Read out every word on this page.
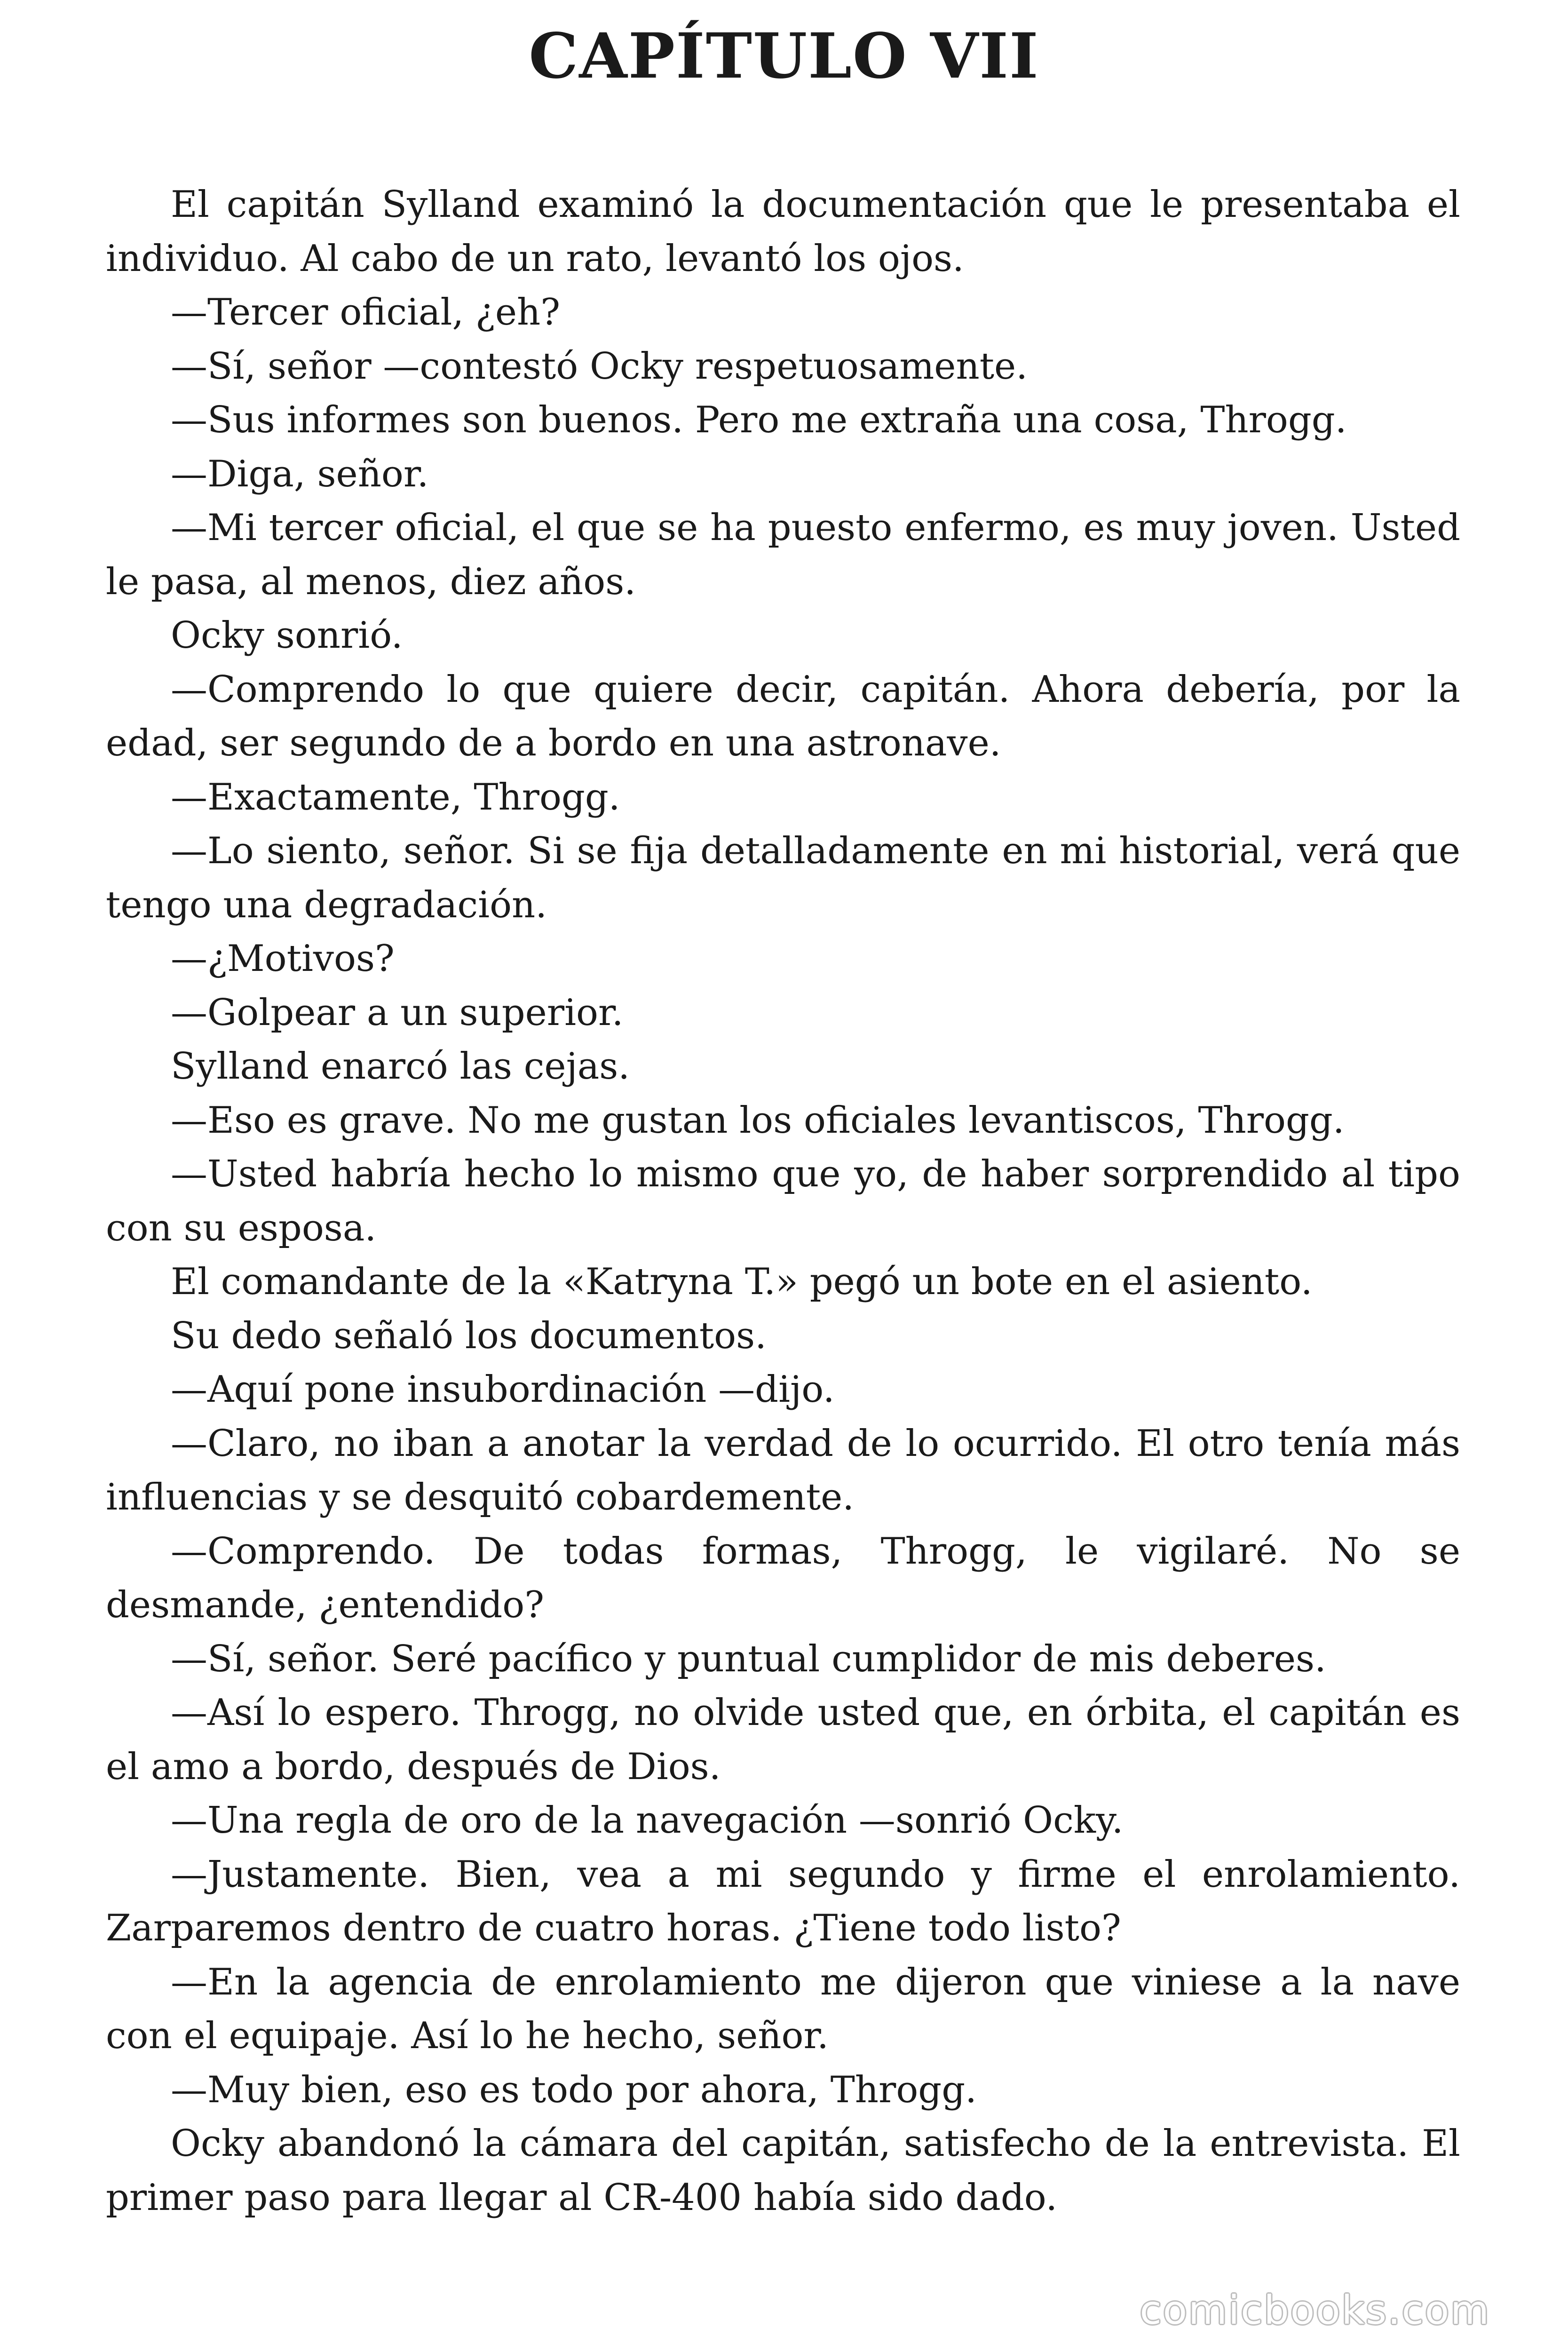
CAPÍTULO VII

El capitán Sylland examinó la documentación que le presentaba el individuo. Al cabo de un rato, levantó los ojos.

—Tercer oficial, ¿eh?

—Sí, señor —contestó Ocky respetuosamente.

—Sus informes son buenos. Pero me extraña una cosa, Throgg.

—Diga, señor.

—Mi tercer oficial, el que se ha puesto enfermo, es muy joven. Usted le pasa, al menos, diez años.

Ocky sonrió.

—Comprendo lo que quiere decir, capitán. Ahora debería, por la edad, ser segundo de a bordo en una astronave.

—Exactamente, Throgg.

—Lo siento, señor. Si se fija detalladamente en mi historial, verá que tengo una degradación.

—¿Motivos?

—Golpear a un superior.

Sylland enarcó las cejas.

—Eso es grave. No me gustan los oficiales levantiscos, Throgg.

—Usted habría hecho lo mismo que yo, de haber sorprendido al tipo con su esposa.

El comandante de la «Katryna T.» pegó un bote en el asiento.

Su dedo señaló los documentos.

—Aquí pone insubordinación —dijo.

—Claro, no iban a anotar la verdad de lo ocurrido. El otro tenía más influencias y se desquitó cobardemente.

—Comprendo. De todas formas, Throgg, le vigilaré. No se desmande, ¿entendido?

—Sí, señor. Seré pacífico y puntual cumplidor de mis deberes.

—Así lo espero. Throgg, no olvide usted que, en órbita, el capitán es el amo a bordo, después de Dios.

—Una regla de oro de la navegación —sonrió Ocky.

—Justamente. Bien, vea a mi segundo y firme el enrolamiento. Zarparemos dentro de cuatro horas. ¿Tiene todo listo?

—En la agencia de enrolamiento me dijeron que viniese a la nave con el equipaje. Así lo he hecho, señor.

—Muy bien, eso es todo por ahora, Throgg.

Ocky abandonó la cámara del capitán, satisfecho de la entrevista. El primer paso para llegar al CR-400 había sido dado.

comicbooks.com
